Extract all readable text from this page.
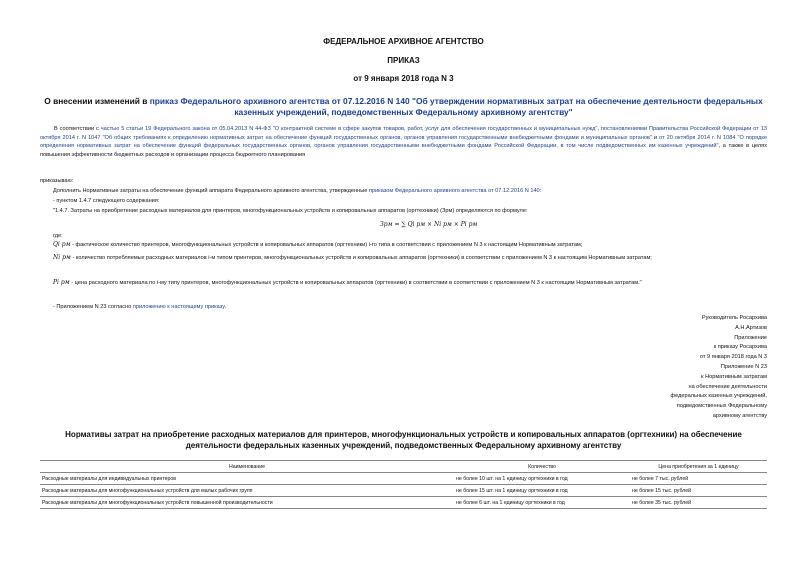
ФЕДЕРАЛЬНОЕ АРХИВНОЕ АГЕНТСТВО
ПРИКАЗ
от 9 января 2018 года N 3
О внесении изменений в приказ Федерального архивного агентства от 07.12.2016 N 140 "Об утверждении нормативных затрат на обеспечение деятельности федеральных казенных учреждений, подведомственных Федеральному архивному агентству"
В соответствии с частью 5 статьи 19 Федерального закона от 05.04.2013 N 44-ФЗ "О контрактной системе в сфере закупок товаров, работ, услуг для обеспечения государственных и муниципальных нужд", постановлениями Правительства Российской Федерации от 13 октября 2014 г. N 1047 "Об общих требованиях к определению нормативных затрат на обеспечение функций государственных органов, органов управления государственными внебюджетными фондами и муниципальных органов" и от 20 октября 2014 г. N 1084 "О порядке определения нормативных затрат на обеспечение функций федеральных государственных органов, органов управления государственными внебюджетными фондами Российской Федерации, в том числе подведомственных им казенных учреждений", а также в целях повышения эффективности бюджетных расходов и организации процесса бюджетного планирования
приказываю:
Дополнить Нормативные затраты на обеспечение функций аппарата Федерального архивного агентства, утвержденные приказом Федерального архивного агентства от 07.12.2016 N 140:
- пунктом 1.4.7 следующего содержания:
"1.4.7. Затраты на приобретение расходных материалов для принтеров, многофункциональных устройств и копировальных аппаратов (оргтехники) (Зрм) определяются по формуле:
Зрм = ∑ Qi рм × Ni рм × Pi рм
где:
Qi рм - фактическое количество принтеров, многофункциональных устройств и копировальных аппаратов (оргтехники) i-го типа в соответствии с приложением N 3 к настоящим Нормативным затратам;
Ni рм - количество потребляемых расходных материалов i-м типом принтеров, многофункциональных устройств и копировальных аппаратов (оргтехники) в соответствии с приложением N 3 к настоящим Нормативным затратам;
Pi рм - цена расходного материала по i-му типу принтеров, многофункциональных устройств и копировальных аппаратов (оргтехники) в соответствии в соответствии с приложением N 3 к настоящим Нормативным затратам."
- Приложением N 23 согласно приложению к настоящему приказу.
Руководитель Росархива
А.Н.Артизов
Приложение
к приказу Росархива
от 9 января 2018 года N 3
Приложение N 23
к Нормативным затратам
на обеспечение деятельности
федеральных казенных учреждений,
подведомственных Федеральному
архивному агентству
Нормативы затрат на приобретение расходных материалов для принтеров, многофункциональных устройств и копировальных аппаратов (оргтехники) на обеспечение деятельности федеральных казенных учреждений, подведомственных Федеральному архивному агентству
Наименование	Количество	Цена приобретения за 1 единицу
Расходные материалы для индивидуальных принтеров	не более 10 шт. на 1 единицу оргтехники в год	не более 7 тыс. рублей
Расходные материалы для многофункциональных устройств для малых рабочих групп	не более 15 шт. на 1 единицу оргтехники в год	не более 15 тыс. рублей
Расходные материалы для многофункциональных устройств повышенной производительности	не более 6 шт. на 1 единицу оргтехники в год	не более 35 тыс. рублей
